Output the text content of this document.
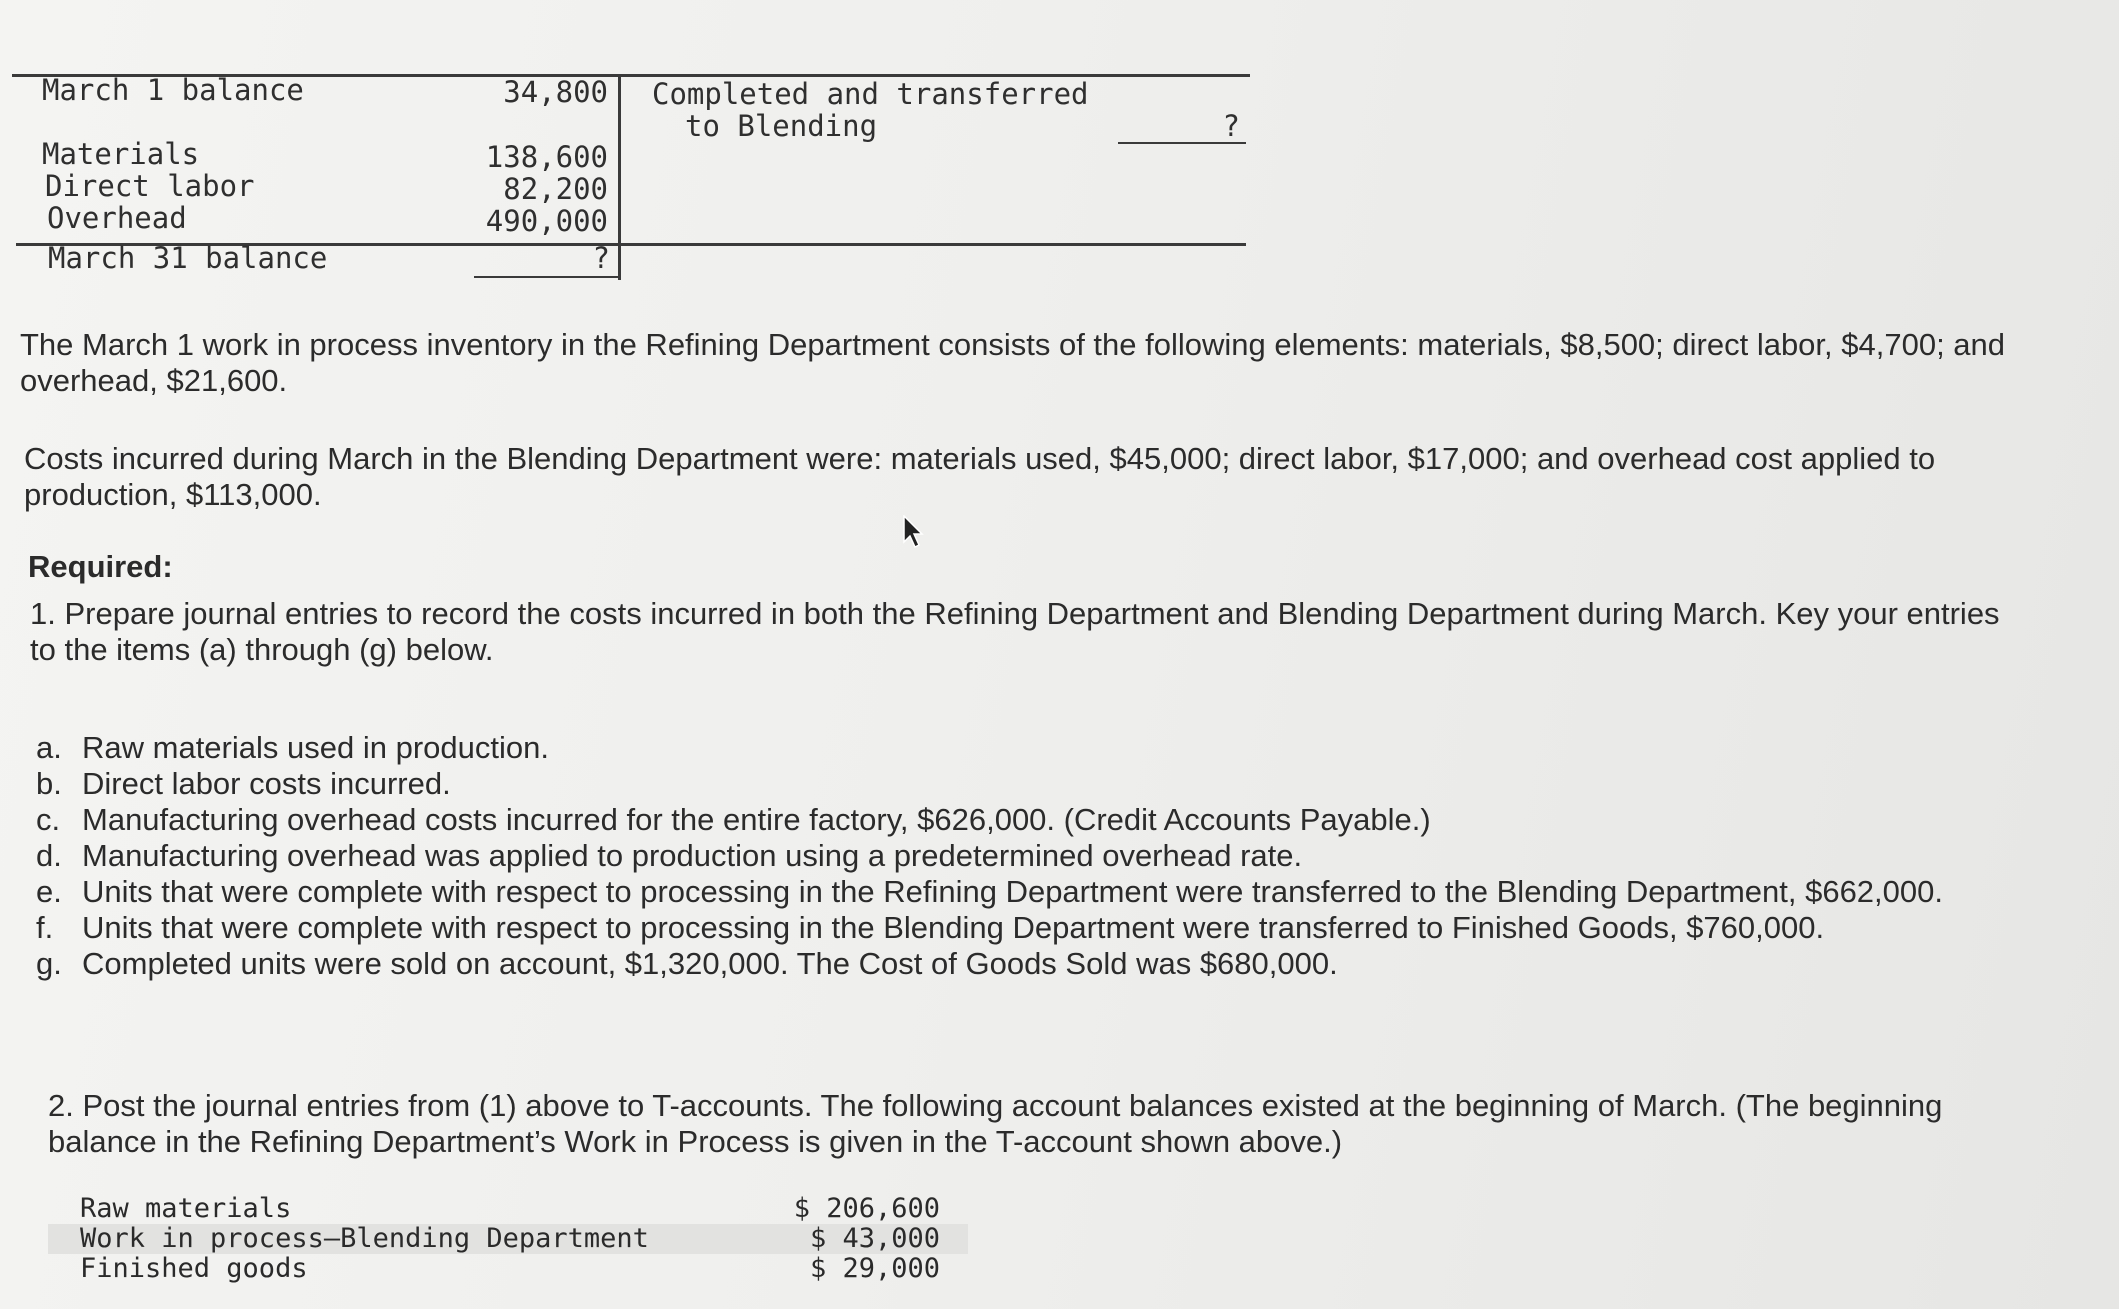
March 1 balance	34,800
Materials	138,600
Direct labor	82,200
Overhead	490,000
March 31 balance	?
Completed and transferred
to Blending	?
The March 1 work in process inventory in the Refining Department consists of the following elements: materials, $8,500; direct labor, $4,700; and overhead, $21,600.
Costs incurred during March in the Blending Department were: materials used, $45,000; direct labor, $17,000; and overhead cost applied to production, $113,000.
Required:
1. Prepare journal entries to record the costs incurred in both the Refining Department and Blending Department during March. Key your entries to the items (a) through (g) below.
a. Raw materials used in production.
b. Direct labor costs incurred.
c. Manufacturing overhead costs incurred for the entire factory, $626,000. (Credit Accounts Payable.)
d. Manufacturing overhead was applied to production using a predetermined overhead rate.
e. Units that were complete with respect to processing in the Refining Department were transferred to the Blending Department, $662,000.
f. Units that were complete with respect to processing in the Blending Department were transferred to Finished Goods, $760,000.
g. Completed units were sold on account, $1,320,000. The Cost of Goods Sold was $680,000.
2. Post the journal entries from (1) above to T-accounts. The following account balances existed at the beginning of March. (The beginning balance in the Refining Department’s Work in Process is given in the T-account shown above.)
Raw materials	$ 206,600
Work in process—Blending Department	$ 43,000
Finished goods	$ 29,000
